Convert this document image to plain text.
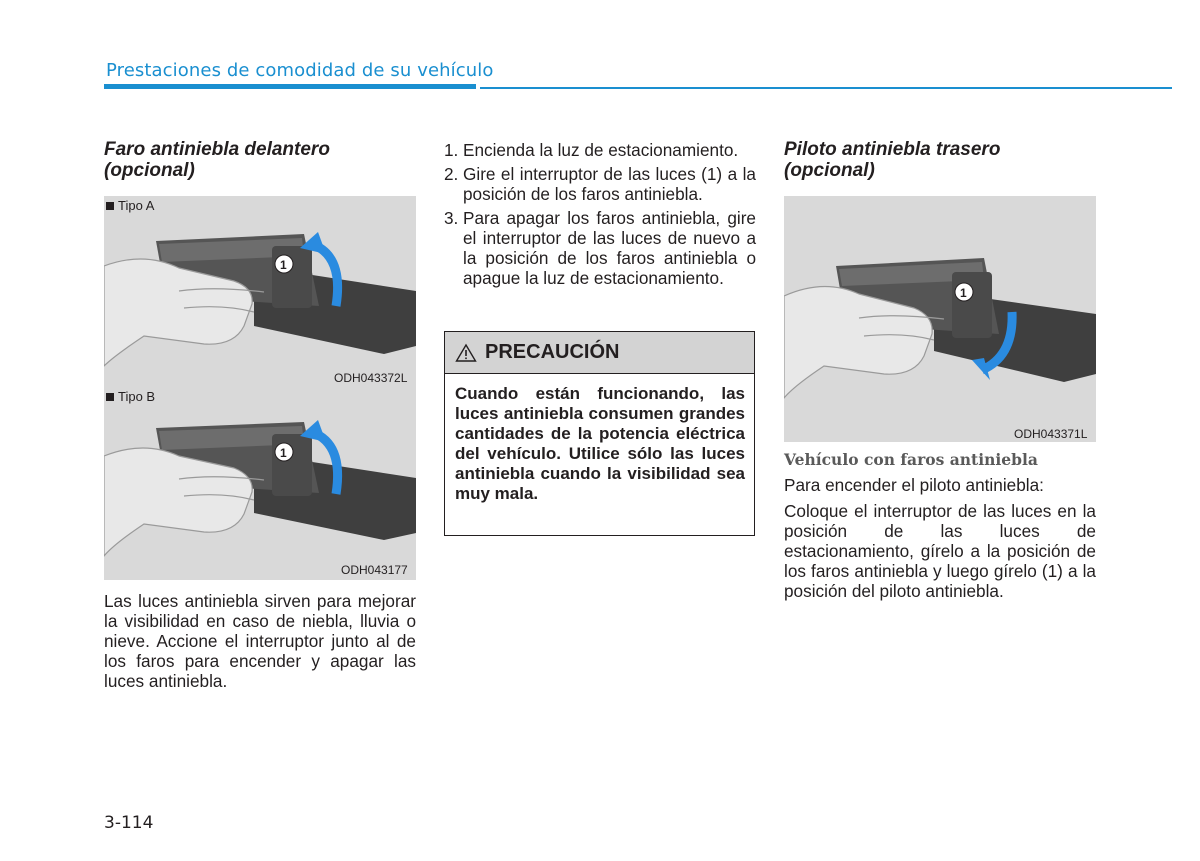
Prestaciones de comodidad de su vehículo
Faro antiniebla delantero
(opcional)
1
Tipo A
ODH043372L
1
Tipo B
ODH043177
Las luces antiniebla sirven para mejorar la visibilidad en caso de niebla, lluvia o nieve. Accione el interruptor junto al de los faros para encender y apagar las luces antiniebla.
1. Encienda la luz de estacionamiento.
2. Gire el interruptor de las luces (1) a la posición de los faros antiniebla.
3. Para apagar los faros antiniebla, gire el interruptor de las luces de nuevo a la posición de los faros antiniebla o apague la luz de estacionamiento.
PRECAUCIÓN
Cuando están funcionando, las luces antiniebla consumen grandes cantidades de la potencia eléctrica del vehículo. Utilice sólo las luces antiniebla cuando la visibilidad sea muy mala.
Piloto antiniebla trasero
(opcional)
1
ODH043371L
Vehículo con faros antiniebla
Para encender el piloto antiniebla:
Coloque el interruptor de las luces en la posición de las luces de estacionamiento, gírelo a la posición de los faros antiniebla y luego gírelo (1) a la posición del piloto antiniebla.
3-114
